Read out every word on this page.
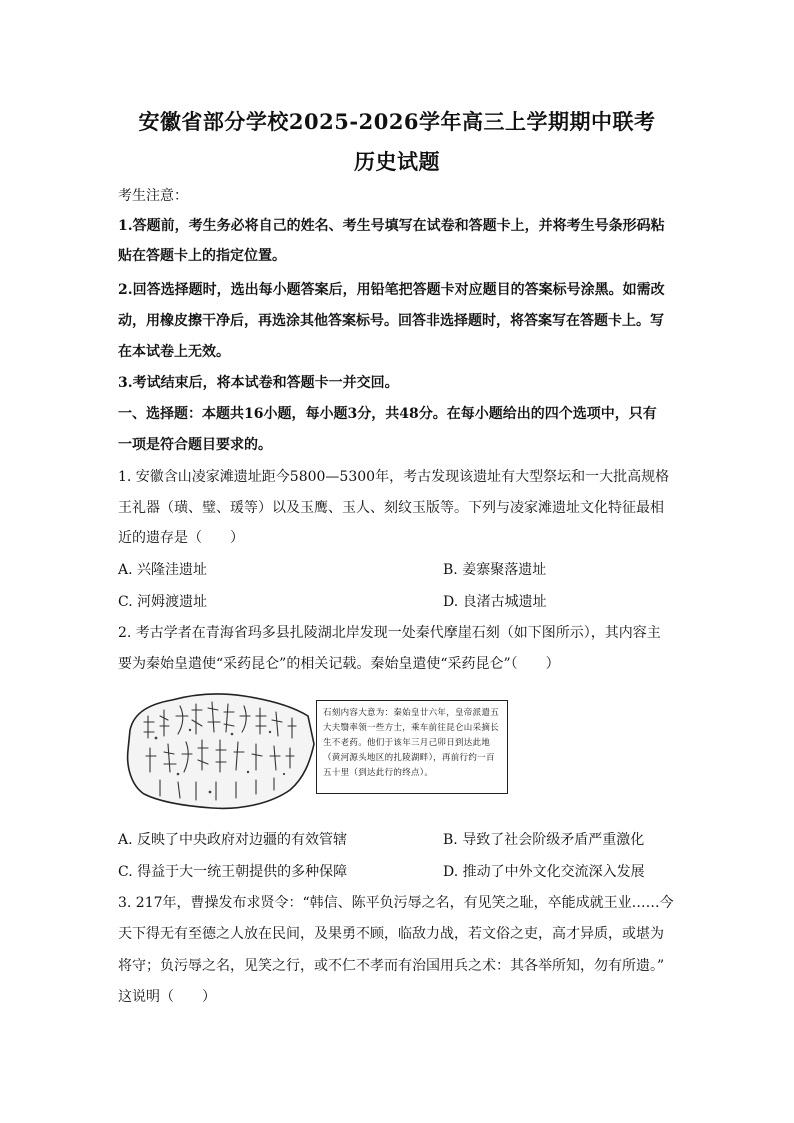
安徽省部分学校2025-2026学年高三上学期期中联考
历史试题
考生注意：
1.答题前，考生务必将自己的姓名、考生号填写在试卷和答题卡上，并将考生号条形码粘
贴在答题卡上的指定位置。
2.回答选择题时，选出每小题答案后，用铅笔把答题卡对应题目的答案标号涂黑。如需改
动，用橡皮擦干净后，再选涂其他答案标号。回答非选择题时，将答案写在答题卡上。写
在本试卷上无效。
3.考试结束后，将本试卷和答题卡一并交回。
一、选择题：本题共16小题，每小题3分，共48分。在每小题给出的四个选项中，只有
一项是符合题目要求的。
1. 安徽含山凌家滩遗址距今5800—5300年，考古发现该遗址有大型祭坛和一大批高规格
王礼器（璜、璧、瑗等）以及玉鹰、玉人、刻纹玉版等。下列与凌家滩遗址文化特征最相
近的遗存是（　　）
A. 兴隆洼遗址	B. 姜寨聚落遗址
C. 河姆渡遗址	D. 良渚古城遗址
2. 考古学者在青海省玛多县扎陵湖北岸发现一处秦代摩崖石刻（如下图所示），其内容主
要为秦始皇遣使“采药昆仑”的相关记载。秦始皇遣使“采药昆仑”（　　）
石刻内容大意为：秦始皇廿六年，皇帝派遣五大夫翳率领一些方士，乘车前往昆仑山采摘长生不老药。他们于该年三月己卯日到达此地（黄河源头地区的扎陵湖畔），再前行约一百五十里（到达此行的终点）。
A. 反映了中央政府对边疆的有效管辖	B. 导致了社会阶级矛盾严重激化
C. 得益于大一统王朝提供的多种保障	D. 推动了中外文化交流深入发展
3. 217年，曹操发布求贤令：“韩信、陈平负污辱之名，有见笑之耻，卒能成就王业……今
天下得无有至德之人放在民间，及果勇不顾，临敌力战，若文俗之吏，高才异质，或堪为
将守；负污辱之名，见笑之行，或不仁不孝而有治国用兵之术：其各举所知，勿有所遗。”
这说明（　　）
